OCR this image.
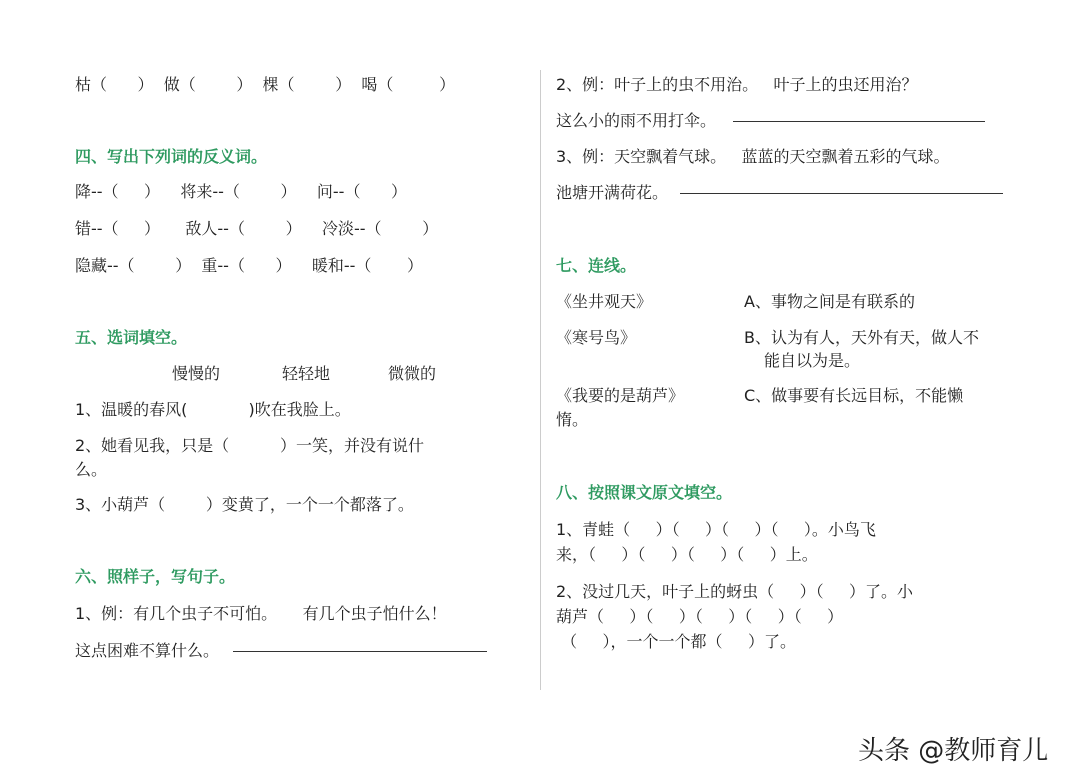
枯（      ）  做（        ）  棵（        ）  喝（         ）
四、写出下列词的反义词。
降--（     ）    将来--（        ）    问--（      ）
错--（     ）     敌人--（        ）    冷淡--（        ）
隐藏--（        ）  重--（      ）    暖和--（       ）
五、选词填空。
慢慢的	轻轻地	微微的
1、温暖的春风(            )吹在我脸上。
2、她看见我，只是（          ）一笑，并没有说什
么。
3、小葫芦（        ）变黄了，一个一个都落了。
六、照样子，写句子。
1、例：有几个虫子不可怕。     有几个虫子怕什么！
这点困难不算什么。
2、例：叶子上的虫不用治。   叶子上的虫还用治？
这么小的雨不用打伞。
3、例：天空飘着气球。   蓝蓝的天空飘着五彩的气球。
池塘开满荷花。
七、连线。
《坐井观天》
《寒号鸟》
《我要的是葫芦》
惰。
A、事物之间是有联系的
B、认为有人，天外有天，做人不
能自以为是。
C、做事要有长远目标，不能懒
八、按照课文原文填空。
1、青蛙（     ）（     ）（     ）（     ）。小鸟飞
来，（     ）（     ）（     ）（     ）上。
2、没过几天，叶子上的蚜虫（     ）（     ）了。小
葫芦（     ）（     ）（     ）（     ）（     ）
（     ），一个一个都（     ）了。
头条 @教师育儿
